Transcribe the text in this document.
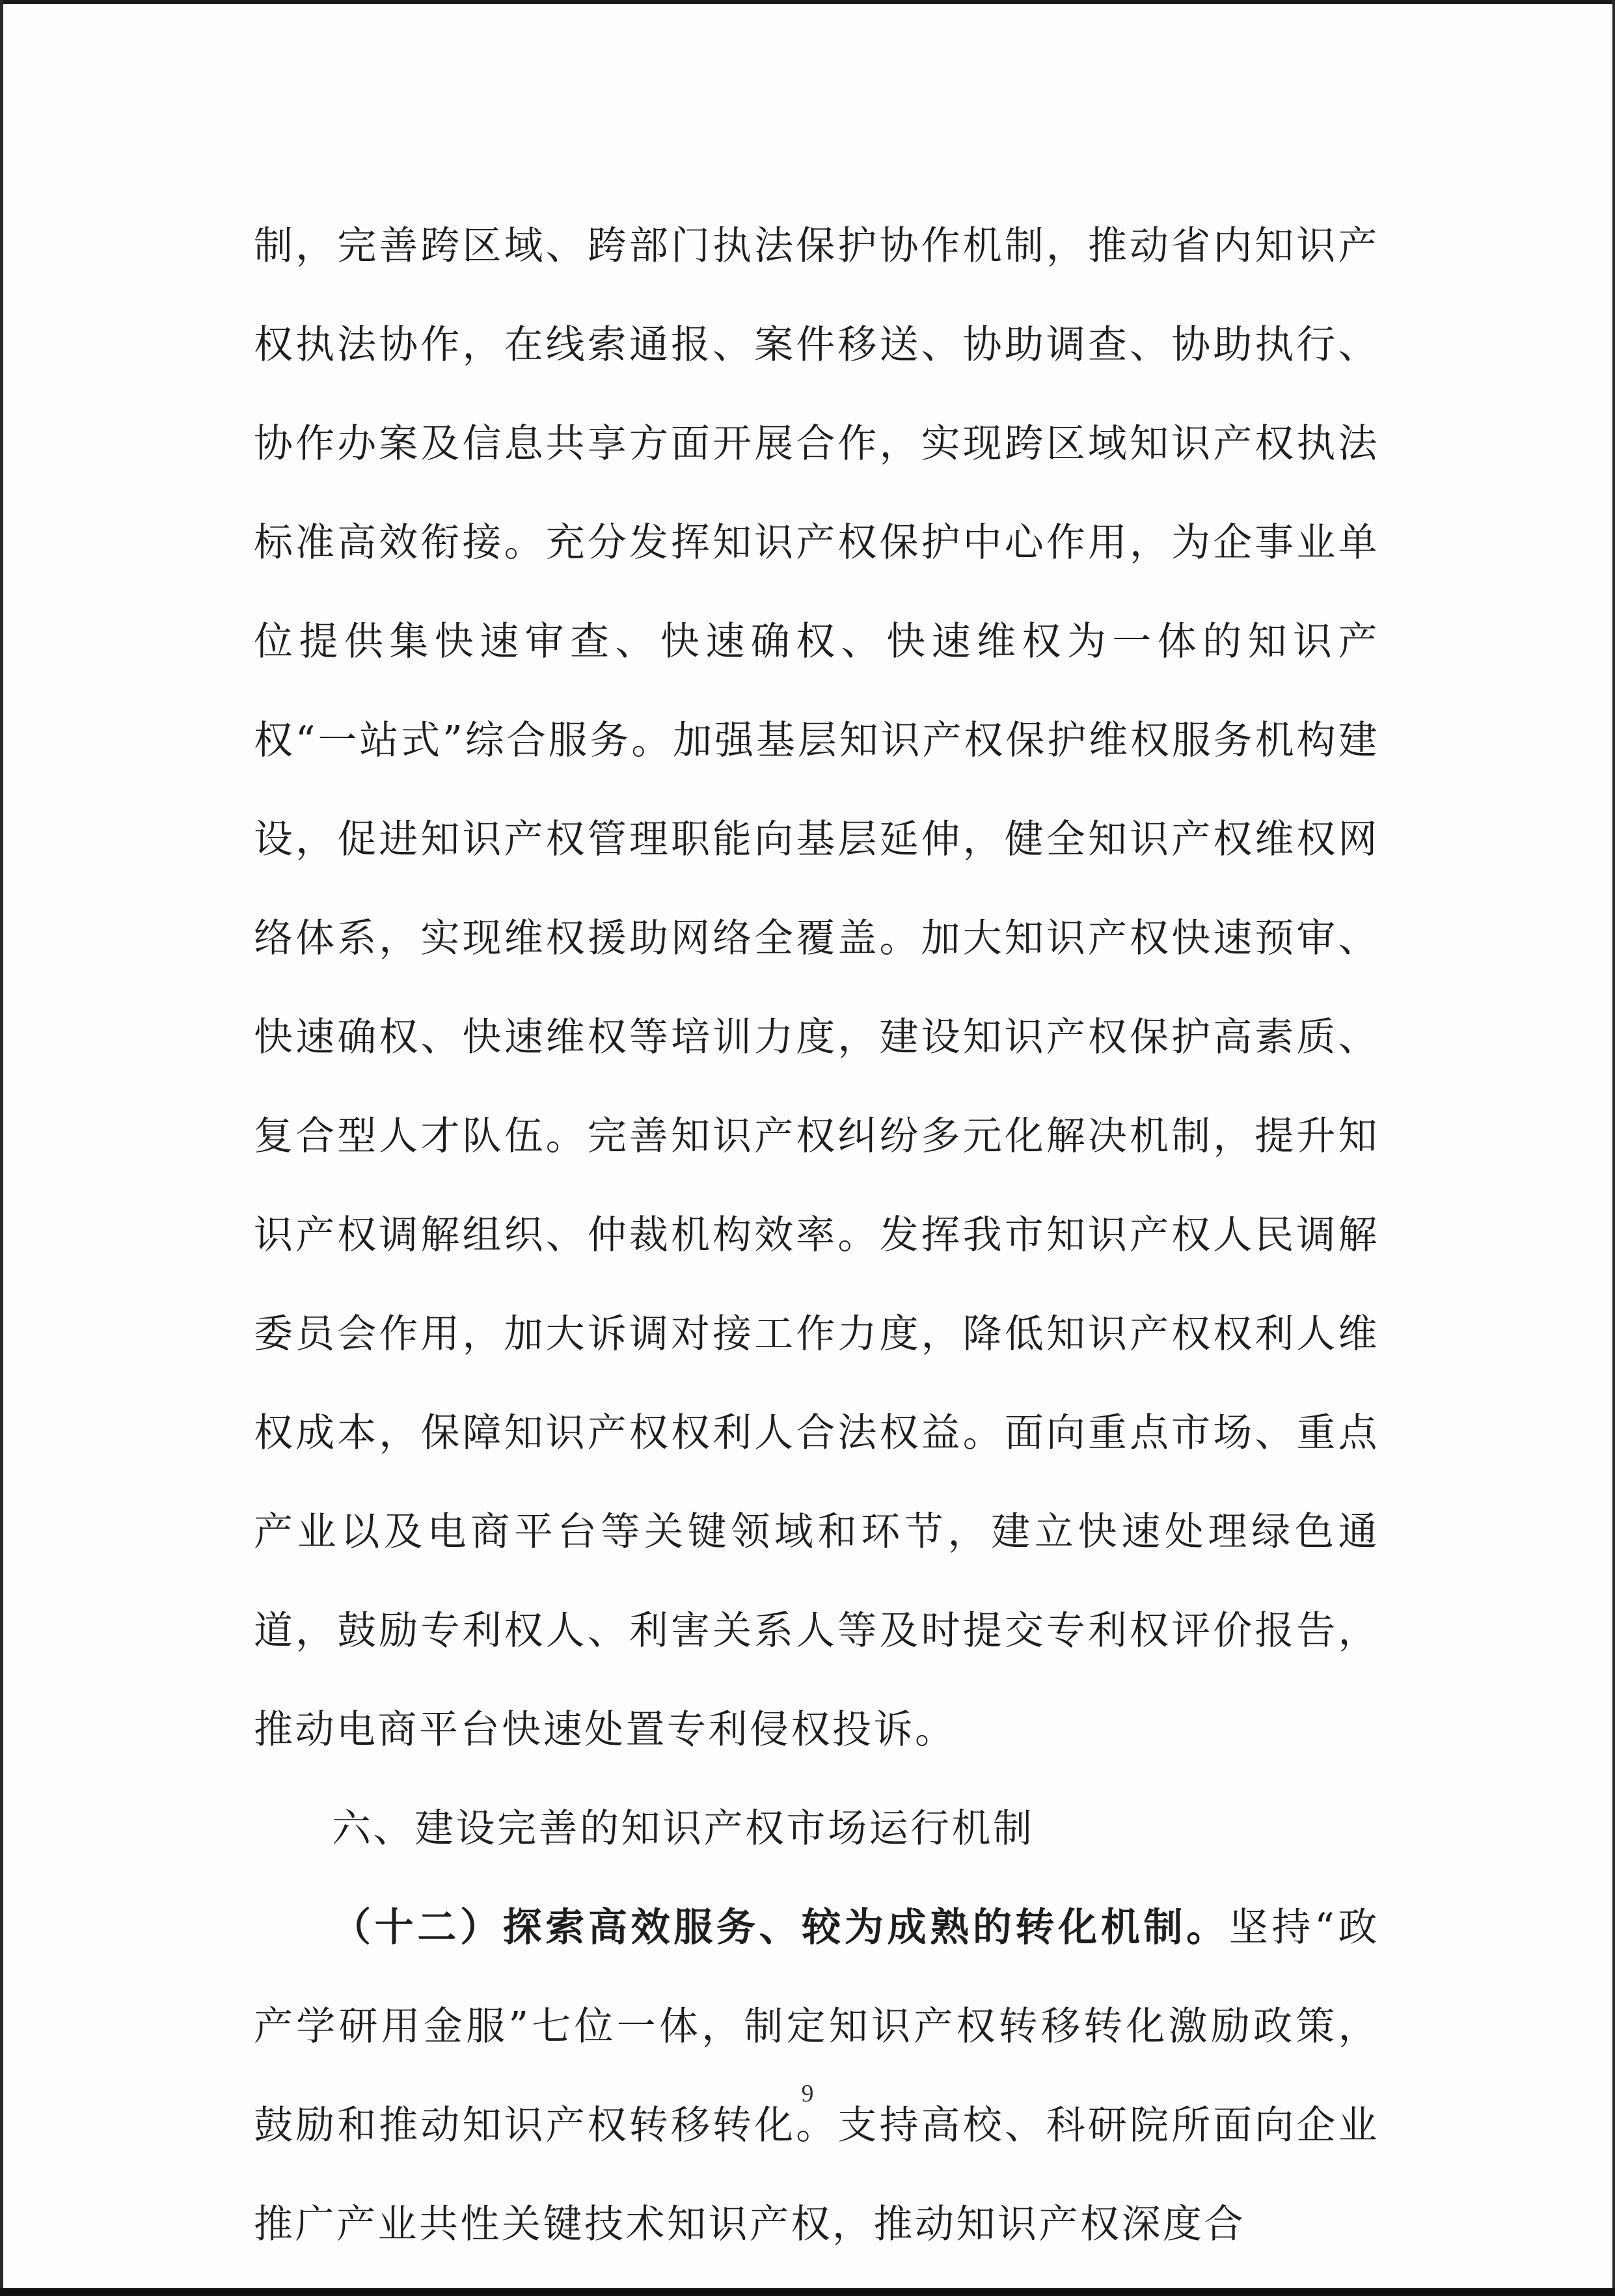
制，完善跨区域、跨部门执法保护协作机制，推动省内知识产权执法协作，在线索通报、案件移送、协助调查、协助执行、协作办案及信息共享方面开展合作，实现跨区域知识产权执法标准高效衔接。充分发挥知识产权保护中心作用，为企事业单位提供集快速审查、快速确权、快速维权为一体的知识产权“一站式”综合服务。加强基层知识产权保护维权服务机构建设，促进知识产权管理职能向基层延伸，健全知识产权维权网络体系，实现维权援助网络全覆盖。加大知识产权快速预审、快速确权、快速维权等培训力度，建设知识产权保护高素质、复合型人才队伍。完善知识产权纠纷多元化解决机制，提升知识产权调解组织、仲裁机构效率。发挥我市知识产权人民调解委员会作用，加大诉调对接工作力度，降低知识产权权利人维权成本，保障知识产权权利人合法权益。面向重点市场、重点产业以及电商平台等关键领域和环节，建立快速处理绿色通道，鼓励专利权人、利害关系人等及时提交专利权评价报告，推动电商平台快速处置专利侵权投诉。

六、建设完善的知识产权市场运行机制

（十二）探索高效服务、较为成熟的转化机制。坚持“政产学研用金服”七位一体，制定知识产权转移转化激励政策，鼓励和推动知识产权转移转化。支持高校、科研院所面向企业推广产业共性关键技术知识产权，推动知识产权深度合

9
